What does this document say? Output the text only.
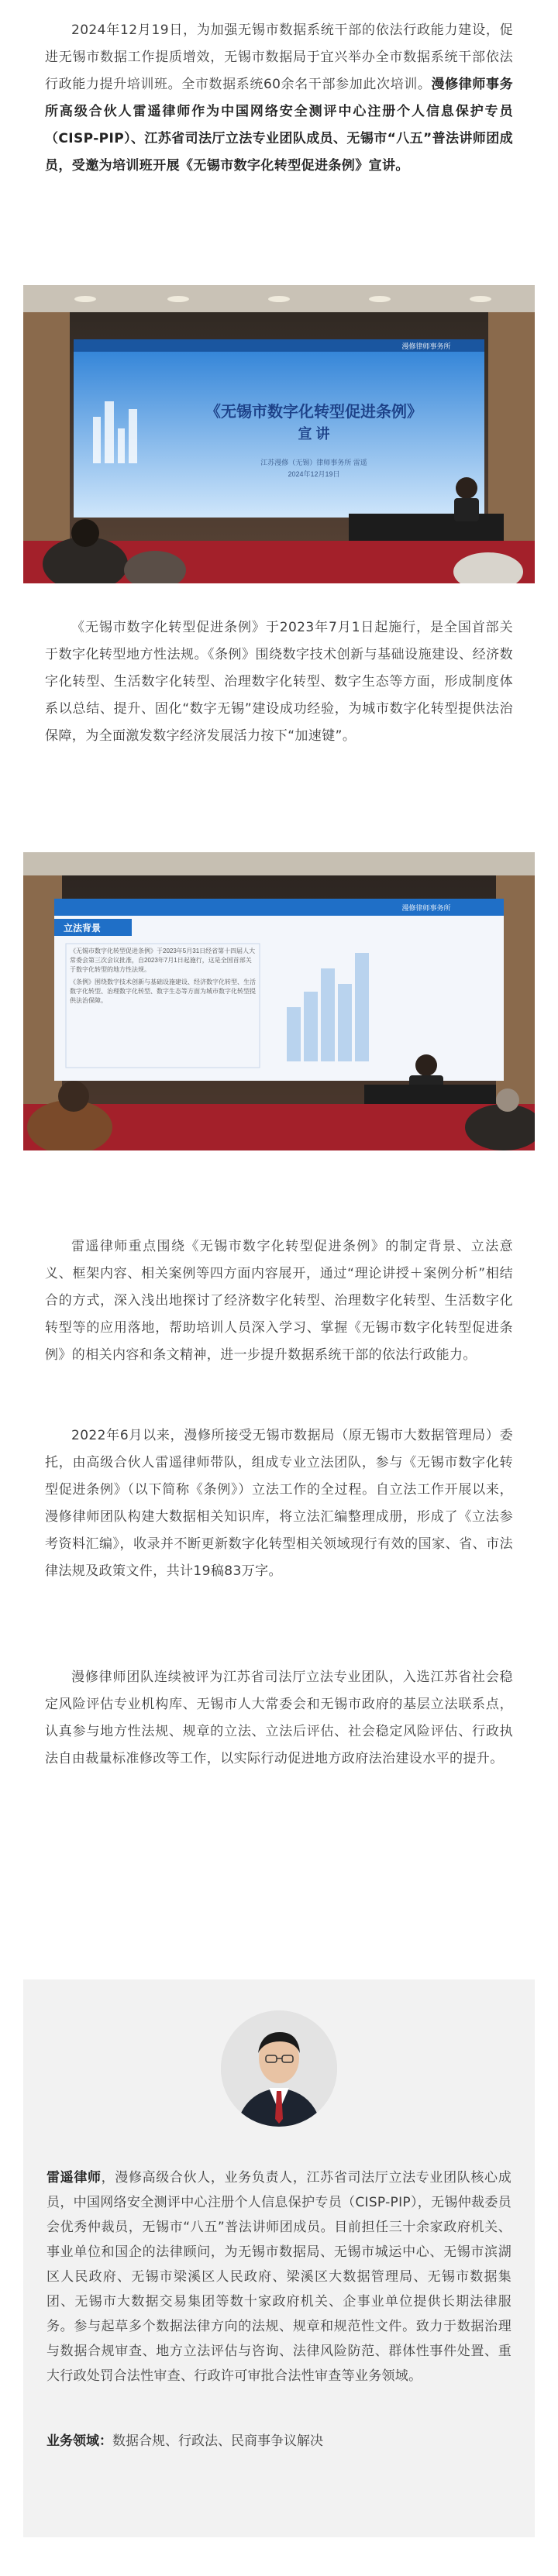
2024年12月19日，为加强无锡市数据系统干部的依法行政能力建设，促进无锡市数据工作提质增效，无锡市数据局于宜兴举办全市数据系统干部依法行政能力提升培训班。全市数据系统60余名干部参加此次培训。漫修律师事务所高级合伙人雷遥律师作为中国网络安全测评中心注册个人信息保护专员（CISP-PIP）、江苏省司法厅立法专业团队成员、无锡市“八五”普法讲师团成员，受邀为培训班开展《无锡市数字化转型促进条例》宣讲。

《无锡市数字化转型促进条例》
宣 讲
江苏漫修（无锡）律师事务所 雷遥
2024年12月19日
漫修律师事务所

《无锡市数字化转型促进条例》于2023年7月1日起施行，是全国首部关于数字化转型地方性法规。《条例》围绕数字技术创新与基础设施建设、经济数字化转型、生活数字化转型、治理数字化转型、数字生态等方面，形成制度体系以总结、提升、固化“数字无锡”建设成功经验，为城市数字化转型提供法治保障，为全面激发数字经济发展活力按下“加速键”。

立法背景
漫修律师事务所
《无锡市数字化转型促进条例》于2023年5月31日经省第十四届人大常委会第三次会议批准，自2023年7月1日起施行，这是全国首部关于数字化转型的地方性法规。
《条例》围绕数字技术创新与基础设施建设、经济数字化转型、生活数字化转型、治理数字化转型、数字生态等方面为城市数字化转型提供法治保障。

雷遥律师重点围绕《无锡市数字化转型促进条例》的制定背景、立法意义、框架内容、相关案例等四方面内容展开，通过“理论讲授＋案例分析”相结合的方式，深入浅出地探讨了经济数字化转型、治理数字化转型、生活数字化转型等的应用落地，帮助培训人员深入学习、掌握《无锡市数字化转型促进条例》的相关内容和条文精神，进一步提升数据系统干部的依法行政能力。

2022年6月以来，漫修所接受无锡市数据局（原无锡市大数据管理局）委托，由高级合伙人雷遥律师带队，组成专业立法团队，参与《无锡市数字化转型促进条例》（以下简称《条例》）立法工作的全过程。自立法工作开展以来，漫修律师团队构建大数据相关知识库，将立法汇编整理成册，形成了《立法参考资料汇编》，收录并不断更新数字化转型相关领域现行有效的国家、省、市法律法规及政策文件，共计19稿83万字。

漫修律师团队连续被评为江苏省司法厅立法专业团队，入选江苏省社会稳定风险评估专业机构库、无锡市人大常委会和无锡市政府的基层立法联系点，认真参与地方性法规、规章的立法、立法后评估、社会稳定风险评估、行政执法自由裁量标准修改等工作，以实际行动促进地方政府法治建设水平的提升。

雷遥律师，漫修高级合伙人，业务负责人，江苏省司法厅立法专业团队核心成员，中国网络安全测评中心注册个人信息保护专员（CISP-PIP），无锡仲裁委员会优秀仲裁员，无锡市“八五”普法讲师团成员。目前担任三十余家政府机关、事业单位和国企的法律顾问，为无锡市数据局、无锡市城运中心、无锡市滨湖区人民政府、无锡市梁溪区人民政府、梁溪区大数据管理局、无锡市数据集团、无锡市大数据交易集团等数十家政府机关、企事业单位提供长期法律服务。参与起草多个数据法律方向的法规、规章和规范性文件。致力于数据治理与数据合规审查、地方立法评估与咨询、法律风险防范、群体性事件处置、重大行政处罚合法性审查、行政许可审批合法性审查等业务领域。

业务领域：数据合规、行政法、民商事争议解决
